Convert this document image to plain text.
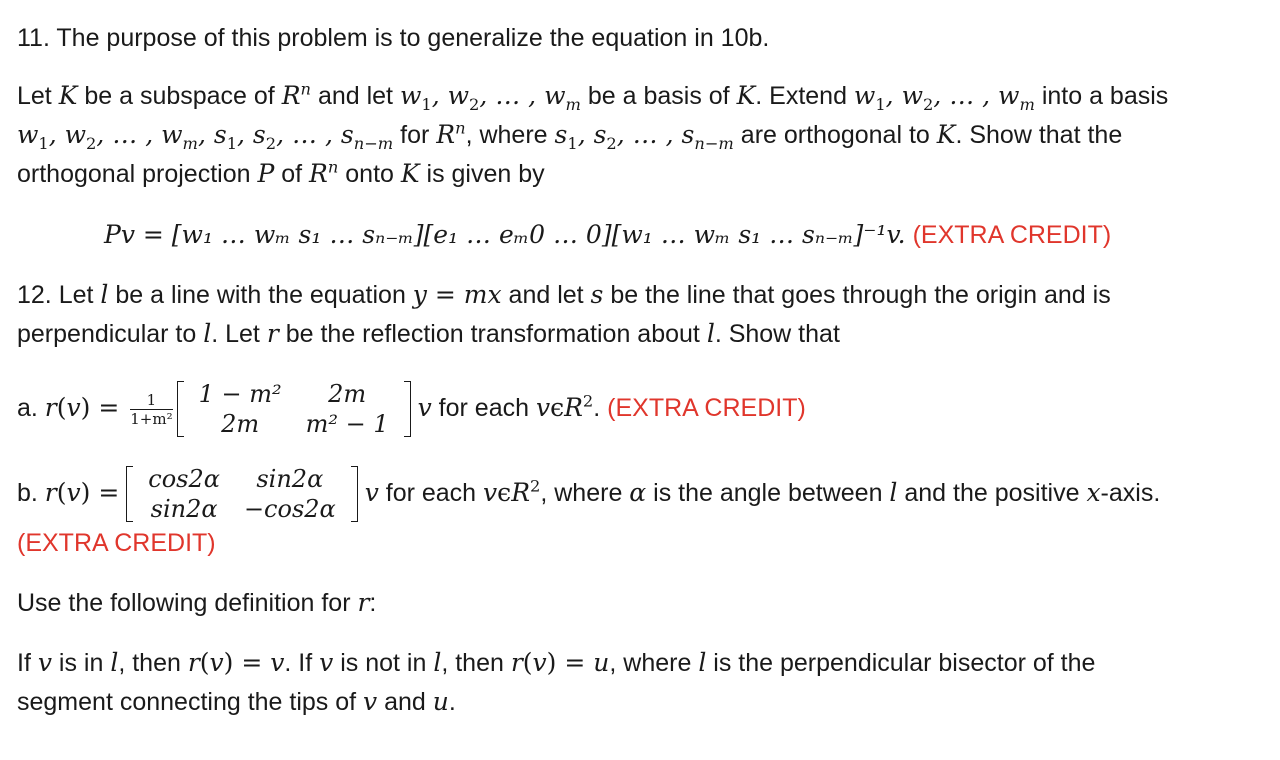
11. The purpose of this problem is to generalize the equation in 10b.
Let K be a subspace of $R^n$ and let $w_1$, $w_2$, … , $w_m$ be a basis of K. Extend $w_1$, $w_2$, … , $w_m$ into a basis
$w_1$, $w_2$, … , $w_m$, $s_1$, $s_2$, … , $s_{n-m}$ for $R^n$, where $s_1$, $s_2$, … , $s_{n-m}$ are orthogonal to K. Show that the
orthogonal projection P of $R^n$ onto K is given by
Pv = [w₁ … wₘ s₁ … sₙ₋ₘ][e₁ … eₘ0 … 0][w₁ … wₘ s₁ … sₙ₋ₘ]⁻¹v. (EXTRA CREDIT)
12. Let l be a line with the equation y = mx and let s be the line that goes through the origin and is
perpendicular to l. Let r be the reflection transformation about l. Show that
a. $r(v) = \frac{1}{\text{1+m²}} 1 - m^2$	2m
2m	m² − 1
v for each vϵR$^2$. (EXTRA CREDIT)
b. r(v) = cos2α	sin2α
sin2α	−cos2α
v for each vϵR$^2$, where α is the angle between l and the positive x-axis.
(EXTRA CREDIT)
Use the following definition for r:
If v is in l, then r(v) = v. If v is not in l, then r(v) = u, where l is the perpendicular bisector of the
segment connecting the tips of v and u.
